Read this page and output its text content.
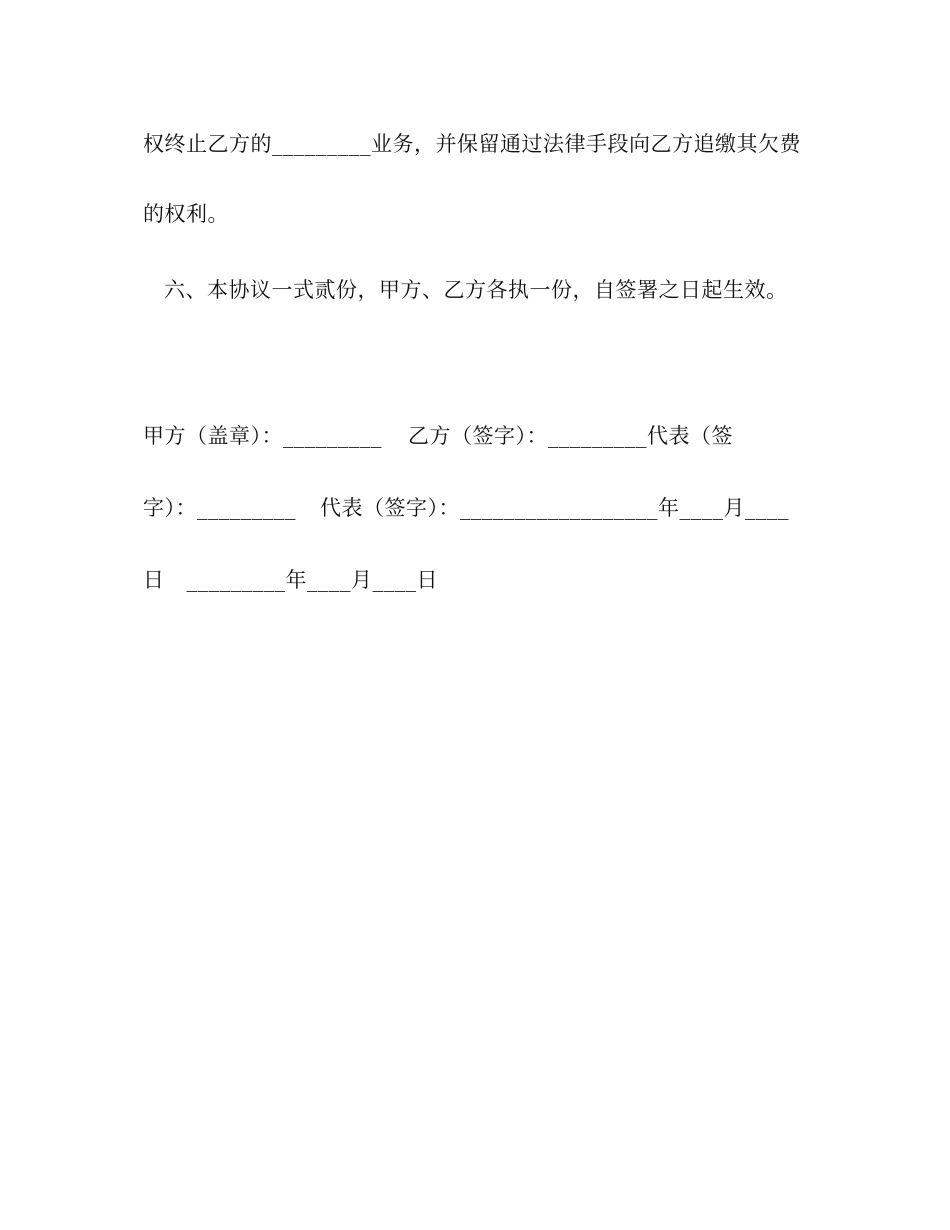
权终止乙方的_________业务，并保留通过法律手段向乙方追缴其欠费
的权利。
六、本协议一式贰份，甲方、乙方各执一份，自签署之日起生效。
甲方（盖章）：_________ 乙方（签字）：_________代表（签
字）：_________ 代表（签字）：__________________年____月____
日 _________年____月____日
